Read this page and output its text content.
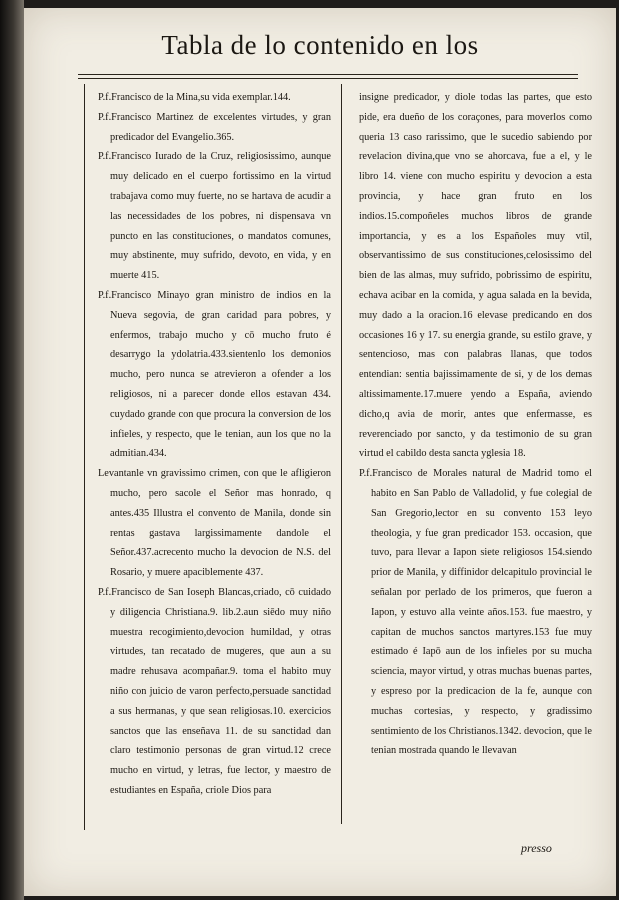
Tabla de lo contenido en los

P.f.Francisco de la Mina,su vida exemplar.144.

P.f.Francisco Martinez de excelentes virtudes, y gran predicador del Evangelio.365.

P.f.Francisco Iurado de la Cruz, religiosissimo, aunque muy delicado en el cuerpo fortissimo en la virtud trabajava como muy fuerte, no se hartava de acudir a las necessidades de los pobres, ni dispensava vn puncto en las constituciones, o mandatos comunes, muy abstinente, muy sufrido, devoto, en vida, y en muerte 415.

P.f.Francisco Minayo gran ministro de indios en la Nueva segovia, de gran caridad para pobres, y enfermos, trabajo mucho y cō mucho fruto é desarrygo la ydolatria.433.sientenlo los demonios mucho, pero nunca se atrevieron a ofender a los religiosos, ni a parecer donde ellos estavan 434. cuydado grande con que procura la conversion de los infieles, y respecto, que le tenian, aun los que no la admitian.434.

Levantanle vn gravissimo crimen, con que le afligieron mucho, pero sacole el Señor mas honrado, q antes.435 Illustra el convento de Manila, donde sin rentas gastava largissimamente dandole el Señor.437.acrecento mucho la devocion de N.S. del Rosario, y muere apaciblemente 437.

P.f.Francisco de San Ioseph Blancas,criado, cō cuidado y diligencia Christiana.9. lib.2.aun siēdo muy niño muestra recogimiento,devocion humildad, y otras virtudes, tan recatado de mugeres, que aun a su madre rehusava acompañar.9. toma el habito muy niño con juicio de varon perfecto,persuade sanctidad a sus hermanas, y que sean religiosas.10. exercicios sanctos que las enseñava 11. de su sanctidad dan claro testimonio personas de gran virtud.12 crece mucho en virtud, y letras, fue lector, y maestro de estudiantes en España, criole Dios para

insigne predicador, y diole todas las partes, que esto pide, era dueño de los coraçones, para moverlos como queria 13 caso rarissimo, que le sucedio sabiendo por revelacion divina,que vno se ahorcava, fue a el, y le libro 14. viene con mucho espiritu y devocion a esta provincia, y hace gran fruto en los indios.15.compoñeles muchos libros de grande importancia, y es a los Españoles muy vtil, observantissimo de sus constituciones,celosissimo del bien de las almas, muy sufrido, pobrissimo de espiritu, echava acibar en la comida, y agua salada en la bevida, muy dado a la oracion.16 elevase predicando en dos occasiones 16 y 17. su energia grande, su estilo grave, y sentencioso, mas con palabras llanas, que todos entendian: sentia bajissimamente de si, y de los demas altissimamente.17.muere yendo a España, aviendo dicho,q avia de morir, antes que enfermasse, es reverenciado por sancto, y da testimonio de su gran virtud el cabildo desta sancta yglesia 18.

P.f.Francisco de Morales natural de Madrid tomo el habito en San Pablo de Valladolid, y fue colegial de San Gregorio,lector en su convento 153 leyo theologia, y fue gran predicador 153. occasion, que tuvo, para llevar a Iapon siete religiosos 154.siendo prior de Manila, y diffinidor delcapitulo provincial le señalan por perlado de los primeros, que fueron a Iapon, y estuvo alla veinte años.153. fue maestro, y capitan de muchos sanctos martyres.153 fue muy estimado é Iapō aun de los infieles por su mucha sciencia, mayor virtud, y otras muchas buenas partes, y espreso por la predicacion de la fe, aunque con muchas cortesias, y respecto, y gradissimo sentimiento de los Christianos.1342. devocion, que le tenian mostrada quando le llevavan

presso
